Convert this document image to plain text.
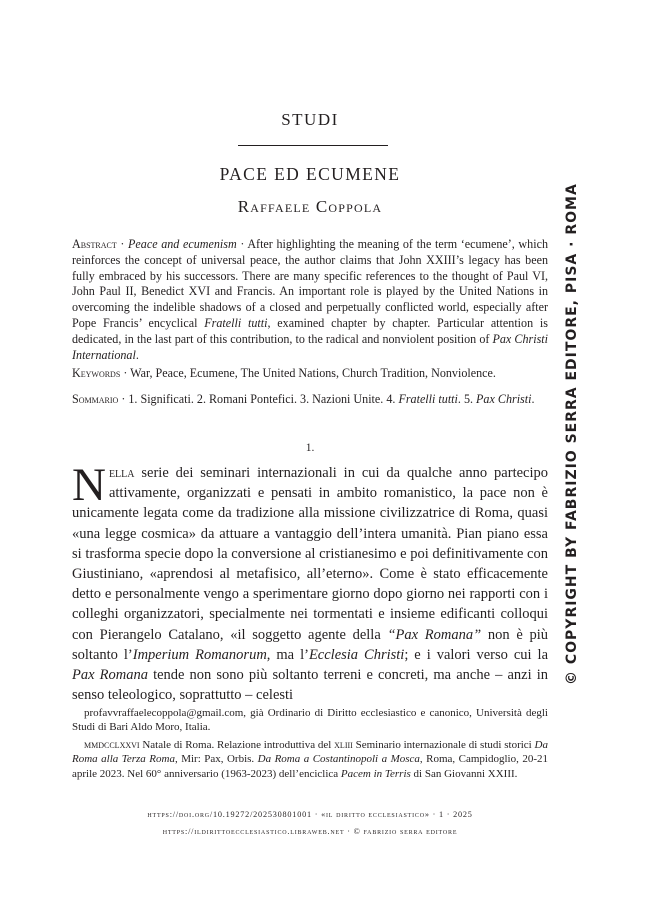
STUDI
PACE ED ECUMENE
Raffaele Coppola
Abstract · Peace and ecumenism · After highlighting the meaning of the term ‘ecumene’, which reinforces the concept of universal peace, the author claims that John XXIII’s legacy has been fully embraced by his successors. There are many specific references to the thought of Paul VI, John Paul II, Benedict XVI and Francis. An important role is played by the United Nations in overcoming the indelible shadows of a closed and perpetually conflicted world, especially after Pope Francis’ encyclical Fratelli tutti, examined chapter by chapter. Particular attention is dedicated, in the last part of this contribution, to the radical and nonviolent position of Pax Christi International.
Keywords · War, Peace, Ecumene, The United Nations, Church Tradition, Nonviolence.
Sommario · 1. Significati. 2. Romani Pontefici. 3. Nazioni Unite. 4. Fratelli tutti. 5. Pax Christi.
1.
Nella serie dei seminari internazionali in cui da qualche anno partecipo attivamente, organizzati e pensati in ambito romanistico, la pace non è unicamente legata come da tradizione alla missione civilizzatrice di Roma, quasi «una legge cosmica» da attuare a vantaggio dell’intera umanità. Pian piano essa si trasforma specie dopo la conversione al cristianesimo e poi definitivamente con Giustiniano, «aprendosi al metafisico, all’eterno». Come è stato efficacemente detto e personalmente vengo a sperimentare giorno dopo giorno nei rapporti con i colleghi organizzatori, specialmente nei tormentati e insieme edificanti colloqui con Pierangelo Catalano, «il soggetto agente della “Pax Romana” non è più soltanto l’Imperium Romanorum, ma l’Ecclesia Christi; e i valori verso cui la Pax Romana tende non sono più soltanto terreni e concreti, ma anche – anzi in senso teleologico, soprattutto – celesti
profavvraffaelecoppola@gmail.com, già Ordinario di Diritto ecclesiastico e canonico, Università degli Studi di Bari Aldo Moro, Italia.
mmdcclxxvi Natale di Roma. Relazione introduttiva del xliii Seminario internazionale di studi storici Da Roma alla Terza Roma, Mir: Pax, Orbis. Da Roma a Costantinopoli a Mosca, Roma, Campidoglio, 20-21 aprile 2023. Nel 60° anniversario (1963-2023) dell’enciclica Pacem in Terris di San Giovanni XXIII.
https://doi.org/10.19272/202530801001 · «il diritto ecclesiastico» · 1 · 2025
https://ildirittoecclesiastico.libraweb.net · © fabrizio serra editore
© COPYRIGHT BY FABRIZIO SERRA EDITORE, PISA · ROMA
